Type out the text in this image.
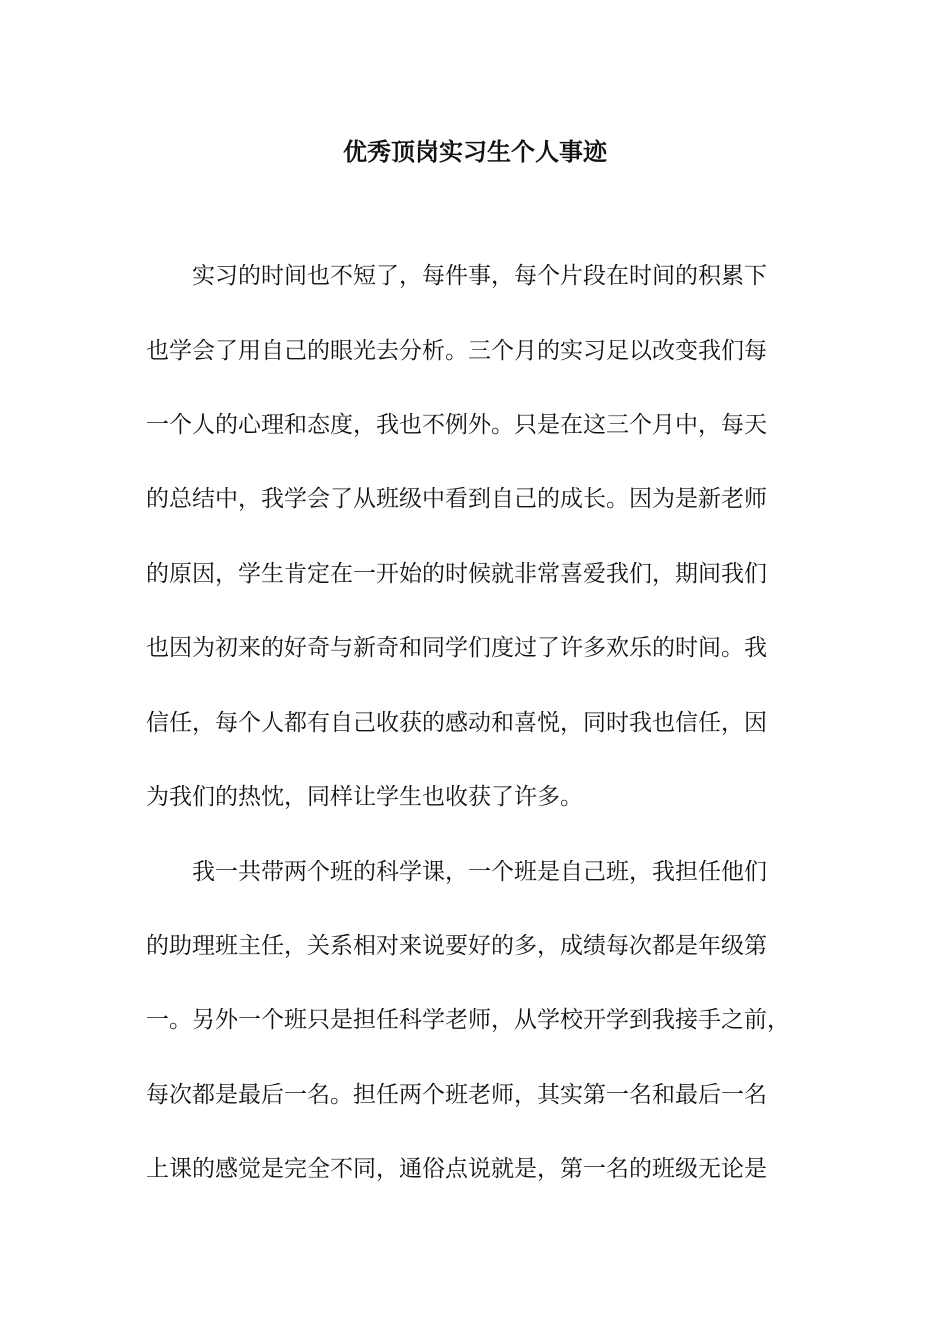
优秀顶岗实习生个人事迹
实习的时间也不短了，每件事，每个片段在时间的积累下
也学会了用自己的眼光去分析。三个月的实习足以改变我们每
一个人的心理和态度，我也不例外。只是在这三个月中，每天
的总结中，我学会了从班级中看到自己的成长。因为是新老师
的原因，学生肯定在一开始的时候就非常喜爱我们，期间我们
也因为初来的好奇与新奇和同学们度过了许多欢乐的时间。我
信任，每个人都有自己收获的感动和喜悦，同时我也信任，因
为我们的热忱，同样让学生也收获了许多。
我一共带两个班的科学课，一个班是自己班，我担任他们
的助理班主任，关系相对来说要好的多，成绩每次都是年级第
一。另外一个班只是担任科学老师，从学校开学到我接手之前，
每次都是最后一名。担任两个班老师，其实第一名和最后一名
上课的感觉是完全不同，通俗点说就是，第一名的班级无论是
